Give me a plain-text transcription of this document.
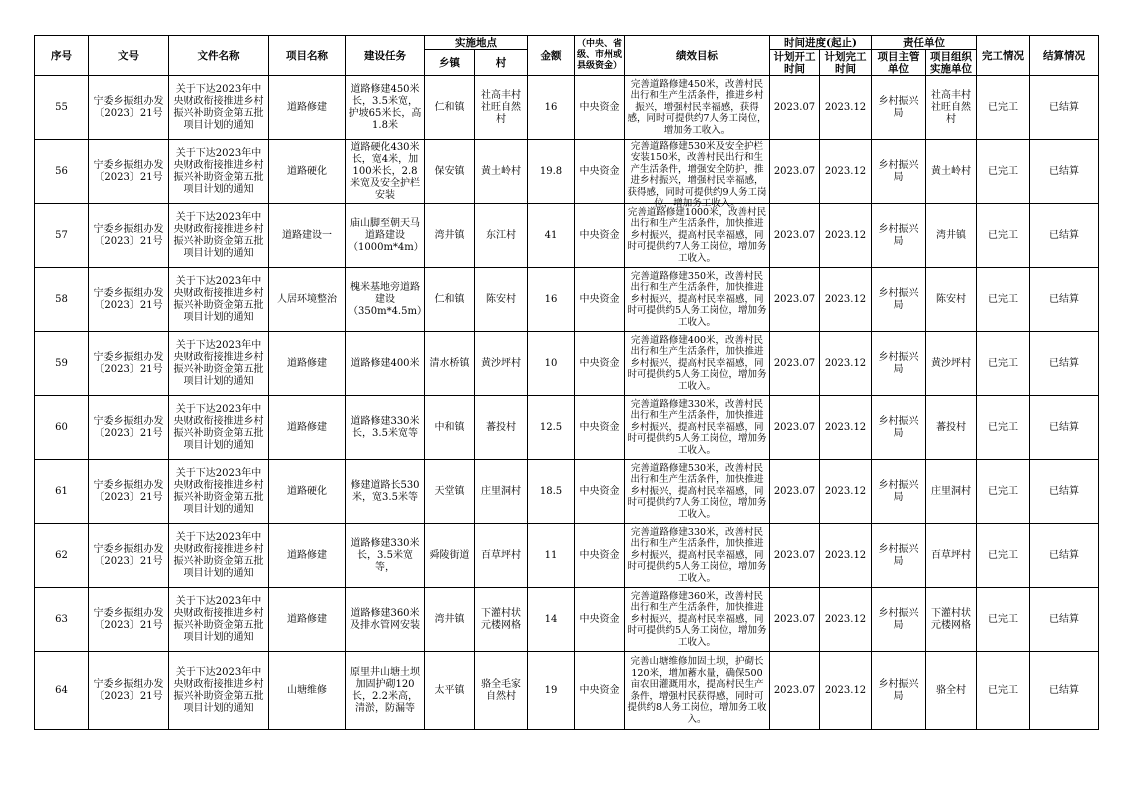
序号	文号	文件名称	项目名称	建设任务	实施地点		金额	（中央、省级、市州或县级资金）	绩效目标	时间进度(起止)		责任单位		完工情况	结算情况
					乡镇	村				计划开工时间	计划完工时间	项目主管单位	项目组织实施单位		
55	宁委乡振组办发〔2023〕21号	关于下达2023年中央财政衔接推进乡村振兴补助资金第五批项目计划的通知	道路修建	道路修建450米长，3.5米宽，护坡65米长，高1.8米	仁和镇	社高丰村社旺自然村	16	中央资金	完善道路修建450米，改善村民出行和生产生活条件，推进乡村振兴，增强村民幸福感，获得感，同时可提供约7人务工岗位，增加务工收入。	2023.07	2023.12	乡村振兴局	社高丰村社旺自然村	已完工	已结算
56	宁委乡振组办发〔2023〕21号	关于下达2023年中央财政衔接推进乡村振兴补助资金第五批项目计划的通知	道路硬化	道路硬化430米长，宽4米，加100米长，2.8米宽及安全护栏安装	保安镇	黄土岭村	19.8	中央资金	完善道路修建530米及安全护栏安装150米，改善村民出行和生产生活条件，增强安全防护，推进乡村振兴，增强村民幸福感，获得感，同时可提供约9人务工岗位，增加务工收入。	2023.07	2023.12	乡村振兴局	黄土岭村	已完工	已结算
57	宁委乡振组办发〔2023〕21号	关于下达2023年中央财政衔接推进乡村振兴补助资金第五批项目计划的通知	道路建设一	庙山脚至朝天马道路建设（1000m*4m）	湾井镇	东江村	41	中央资金	完善道路修建1000米，改善村民出行和生产生活条件，加快推进乡村振兴，提高村民幸福感，同时可提供约7人务工岗位，增加务工收入。	2023.07	2023.12	乡村振兴局	湾井镇	已完工	已结算
58	宁委乡振组办发〔2023〕21号	关于下达2023年中央财政衔接推进乡村振兴补助资金第五批项目计划的通知	人居环境整治	槐米基地旁道路建设（350m*4.5m）	仁和镇	陈安村	16	中央资金	完善道路修建350米，改善村民出行和生产生活条件，加快推进乡村振兴，提高村民幸福感，同时可提供约5人务工岗位，增加务工收入。	2023.07	2023.12	乡村振兴局	陈安村	已完工	已结算
59	宁委乡振组办发〔2023〕21号	关于下达2023年中央财政衔接推进乡村振兴补助资金第五批项目计划的通知	道路修建	道路修建400米	清水桥镇	黄沙坪村	10	中央资金	完善道路修建400米，改善村民出行和生产生活条件，加快推进乡村振兴，提高村民幸福感，同时可提供约5人务工岗位，增加务工收入。	2023.07	2023.12	乡村振兴局	黄沙坪村	已完工	已结算
60	宁委乡振组办发〔2023〕21号	关于下达2023年中央财政衔接推进乡村振兴补助资金第五批项目计划的通知	道路修建	道路修建330米长，3.5米宽等	中和镇	蕃投村	12.5	中央资金	完善道路修建330米，改善村民出行和生产生活条件，加快推进乡村振兴，提高村民幸福感，同时可提供约5人务工岗位，增加务工收入。	2023.07	2023.12	乡村振兴局	蕃投村	已完工	已结算
61	宁委乡振组办发〔2023〕21号	关于下达2023年中央财政衔接推进乡村振兴补助资金第五批项目计划的通知	道路硬化	修建道路长530米，宽3.5米等	天堂镇	庄里洞村	18.5	中央资金	完善道路修建530米，改善村民出行和生产生活条件，加快推进乡村振兴，提高村民幸福感，同时可提供约7人务工岗位，增加务工收入。	2023.07	2023.12	乡村振兴局	庄里洞村	已完工	已结算
62	宁委乡振组办发〔2023〕21号	关于下达2023年中央财政衔接推进乡村振兴补助资金第五批项目计划的通知	道路修建	道路修建330米长，3.5米宽等，	舜陵街道	百草坪村	11	中央资金	完善道路修建330米，改善村民出行和生产生活条件，加快推进乡村振兴，提高村民幸福感，同时可提供约5人务工岗位，增加务工收入。	2023.07	2023.12	乡村振兴局	百草坪村	已完工	已结算
63	宁委乡振组办发〔2023〕21号	关于下达2023年中央财政衔接推进乡村振兴补助资金第五批项目计划的通知	道路修建	道路修建360米及排水管网安装	湾井镇	下灌村状元楼网格	14	中央资金	完善道路修建360米，改善村民出行和生产生活条件，加快推进乡村振兴，提高村民幸福感，同时可提供约5人务工岗位，增加务工收入。	2023.07	2023.12	乡村振兴局	下灌村状元楼网格	已完工	已结算
64	宁委乡振组办发〔2023〕21号	关于下达2023年中央财政衔接推进乡村振兴补助资金第五批项目计划的通知	山塘维修	原里井山塘土坝加固护砌120长，2.2米高，清淤，防漏等	太平镇	骆全毛家自然村	19	中央资金	完善山塘维修加固土坝，护砌长120米，增加蓄水量，确保500亩农田灌溉用水，提高村民生产条件，增强村民获得感，同时可提供约8人务工岗位，增加务工收入。	2023.07	2023.12	乡村振兴局	骆全村	已完工	已结算
